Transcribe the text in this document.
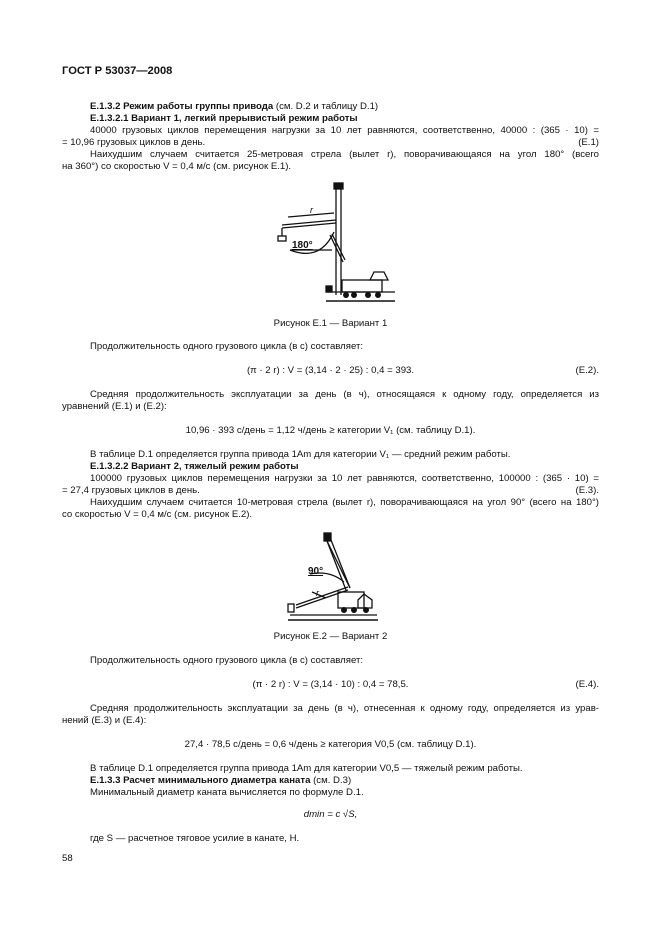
ГОСТ Р 53037—2008
E.1.3.2 Режим работы группы привода (см. D.2 и таблицу D.1)
E.1.3.2.1 Вариант 1, легкий прерывистый режим работы
40000 грузовых циклов перемещения нагрузки за 10 лет равняются, соответственно, 40000 : (365 · 10) =
= 10,96 грузовых циклов в день.	(E.1)
Наихудшим случаем считается 25-метровая стрела (вылет r), поворачивающаяся на угол 180° (всего
на 360°) со скоростью V = 0,4 м/с (см. рисунок E.1).
180°
r
Рисунок E.1 — Вариант 1
Продолжительность одного грузового цикла (в с) составляет:
(π · 2 r) : V = (3,14 · 2 · 25) : 0,4 = 393.	(E.2).
Средняя продолжительность эксплуатации за день (в ч), относящаяся к одному году, определяется из
уравнений (E.1) и (E.2):
10,96 · 393 с/день = 1,12 ч/день ≥ категории V₁ (см. таблицу D.1).
В таблице D.1 определяется группа привода 1Am для категории V₁ — средний режим работы.
E.1.3.2.2 Вариант 2, тяжелый режим работы
100000 грузовых циклов перемещения нагрузки за 10 лет равняются, соответственно, 100000 : (365 · 10) =
= 27,4 грузовых циклов в день.	(E.3).
Наихудшим случаем считается 10-метровая стрела (вылет r), поворачивающаяся на угол 90° (всего на 180°)
со скоростью V = 0,4 м/с (см. рисунок E.2).
90°
r
Рисунок E.2 — Вариант 2
Продолжительность одного грузового цикла (в с) составляет:
(π · 2 r) : V = (3,14 · 10) : 0,4 = 78,5.	(E.4).
Средняя продолжительность эксплуатации за день (в ч), отнесенная к одному году, определяется из урав-
нений (E.3) и (E.4):
27,4 · 78,5 с/день = 0,6 ч/день ≥ категория V0,5 (см. таблицу D.1).
В таблице D.1 определяется группа привода 1Am для категории V0,5 — тяжелый режим работы.
E.1.3.3 Расчет минимального диаметра каната (см. D.3)
Минимальный диаметр каната вычисляется по формуле D.1.
dmin = c √S,
где S — расчетное тяговое усилие в канате, Н.
58
